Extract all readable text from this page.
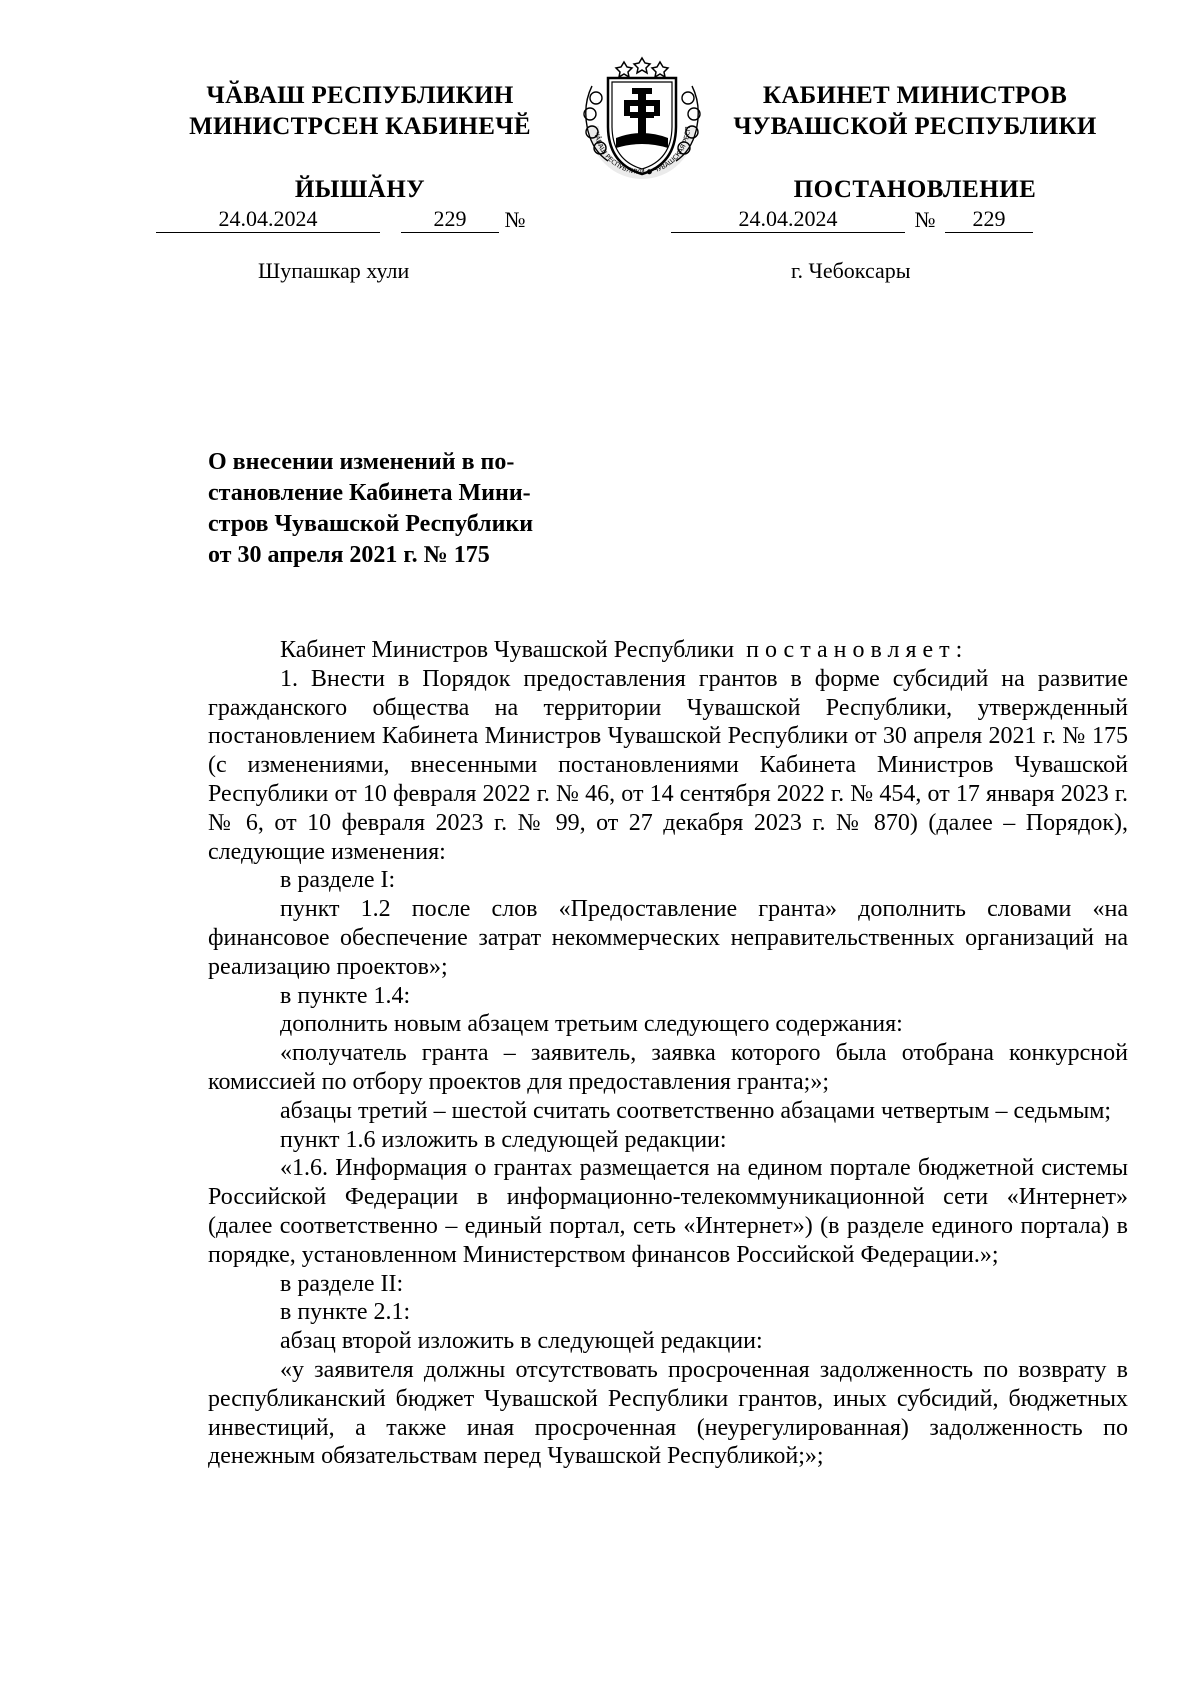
ЧӐВАШ РЕСПУБЛИКИН
МИНИСТРСЕН КАБИНЕЧӖ
ЙЫШӐНУ
КАБИНЕТ МИНИСТРОВ
ЧУВАШСКОЙ РЕСПУБЛИКИ
ПОСТАНОВЛЕНИЕ
ЧĂВАШ РЕСПУБЛИКИ ● ЧУВАШСКАЯ РЕСП
24.04.2024	229 №	24.04.2024	№ 229
Шупашкар хули	г. Чебоксары
О внесении изменений в по-
становление Кабинета Мини-
стров Чувашской Республики
от 30 апреля 2021 г. № 175

Кабинет Министров Чувашской Республики постановляет:

1. Внести в Порядок предоставления грантов в форме субсидий на развитие гражданского общества на территории Чувашской Республики, утвержденный постановлением Кабинета Министров Чувашской Республики от 30 апреля 2021 г. № 175 (с изменениями, внесенными постановлениями Кабинета Министров Чувашской Республики от 10 февраля 2022 г. № 46, от 14 сентября 2022 г. № 454, от 17 января 2023 г. № 6, от 10 февраля 2023 г. № 99, от 27 декабря 2023 г. № 870) (далее – Порядок), следующие изменения:

в разделе I:

пункт 1.2 после слов «Предоставление гранта» дополнить словами «на финансовое обеспечение затрат некоммерческих неправительственных организаций на реализацию проектов»;

в пункте 1.4:

дополнить новым абзацем третьим следующего содержания:

«получатель гранта – заявитель, заявка которого была отобрана конкурсной комиссией по отбору проектов для предоставления гранта;»;

абзацы третий – шестой считать соответственно абзацами четвертым – седьмым;

пункт 1.6 изложить в следующей редакции:

«1.6. Информация о грантах размещается на едином портале бюджетной системы Российской Федерации в информационно-телекоммуникационной сети «Интернет» (далее соответственно – единый портал, сеть «Интернет») (в разделе единого портала) в порядке, установленном Министерством финансов Российской Федерации.»;

в разделе II:

в пункте 2.1:

абзац второй изложить в следующей редакции:

«у заявителя должны отсутствовать просроченная задолженность по возврату в республиканский бюджет Чувашской Республики грантов, иных субсидий, бюджетных инвестиций, а также иная просроченная (неурегулированная) задолженность по денежным обязательствам перед Чувашской Республикой;»;
